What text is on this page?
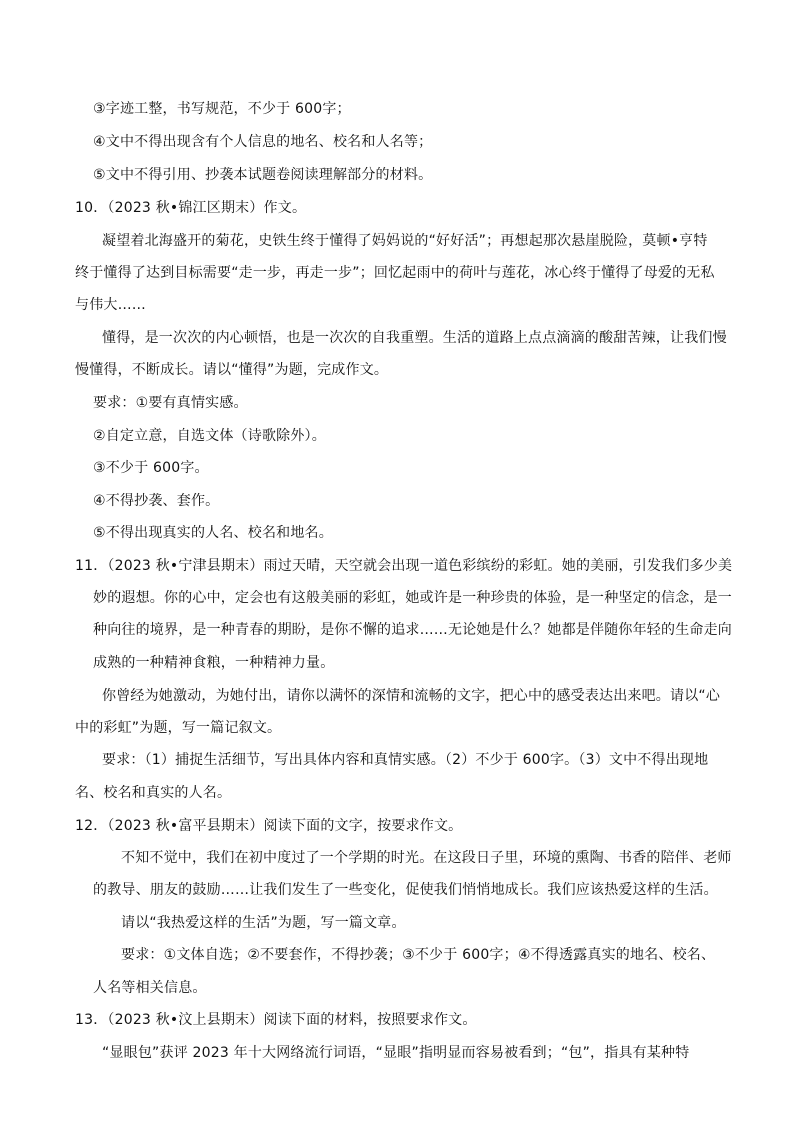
③字迹工整，书写规范，不少于 600字；
④文中不得出现含有个人信息的地名、校名和人名等；
⑤文中不得引用、抄袭本试题卷阅读理解部分的材料。
10．（2023 秋•锦江区期末）作文。
凝望着北海盛开的菊花，史铁生终于懂得了妈妈说的“好好活”；再想起那次悬崖脱险，莫顿•亨特
终于懂得了达到目标需要“走一步，再走一步”；回忆起雨中的荷叶与莲花，冰心终于懂得了母爱的无私
与伟大……
懂得，是一次次的内心顿悟，也是一次次的自我重塑。生活的道路上点点滴滴的酸甜苦辣，让我们慢
慢懂得，不断成长。请以“懂得”为题，完成作文。
要求：①要有真情实感。
②自定立意，自选文体（诗歌除外）。
③不少于 600字。
④不得抄袭、套作。
⑤不得出现真实的人名、校名和地名。
11．（2023 秋•宁津县期末）雨过天晴，天空就会出现一道色彩缤纷的彩虹。她的美丽，引发我们多少美
妙的遐想。你的心中，定会也有这般美丽的彩虹，她或许是一种珍贵的体验，是一种坚定的信念，是一
种向往的境界，是一种青春的期盼，是你不懈的追求……无论她是什么？她都是伴随你年轻的生命走向
成熟的一种精神食粮，一种精神力量。
你曾经为她激动，为她付出，请你以满怀的深情和流畅的文字，把心中的感受表达出来吧。请以“心
中的彩虹”为题，写一篇记叙文。
要求：（1）捕捉生活细节，写出具体内容和真情实感。（2）不少于 600字。（3）文中不得出现地
名、校名和真实的人名。
12．（2023 秋•富平县期末）阅读下面的文字，按要求作文。
不知不觉中，我们在初中度过了一个学期的时光。在这段日子里，环境的熏陶、书香的陪伴、老师
的教导、朋友的鼓励……让我们发生了一些变化，促使我们悄悄地成长。我们应该热爱这样的生活。
请以“我热爱这样的生活”为题，写一篇文章。
要求：①文体自选；②不要套作，不得抄袭；③不少于 600字；④不得透露真实的地名、校名、
人名等相关信息。
13．（2023 秋•汶上县期末）阅读下面的材料，按照要求作文。
“显眼包”获评 2023 年十大网络流行词语，“显眼”指明显而容易被看到；“包”，指具有某种特
